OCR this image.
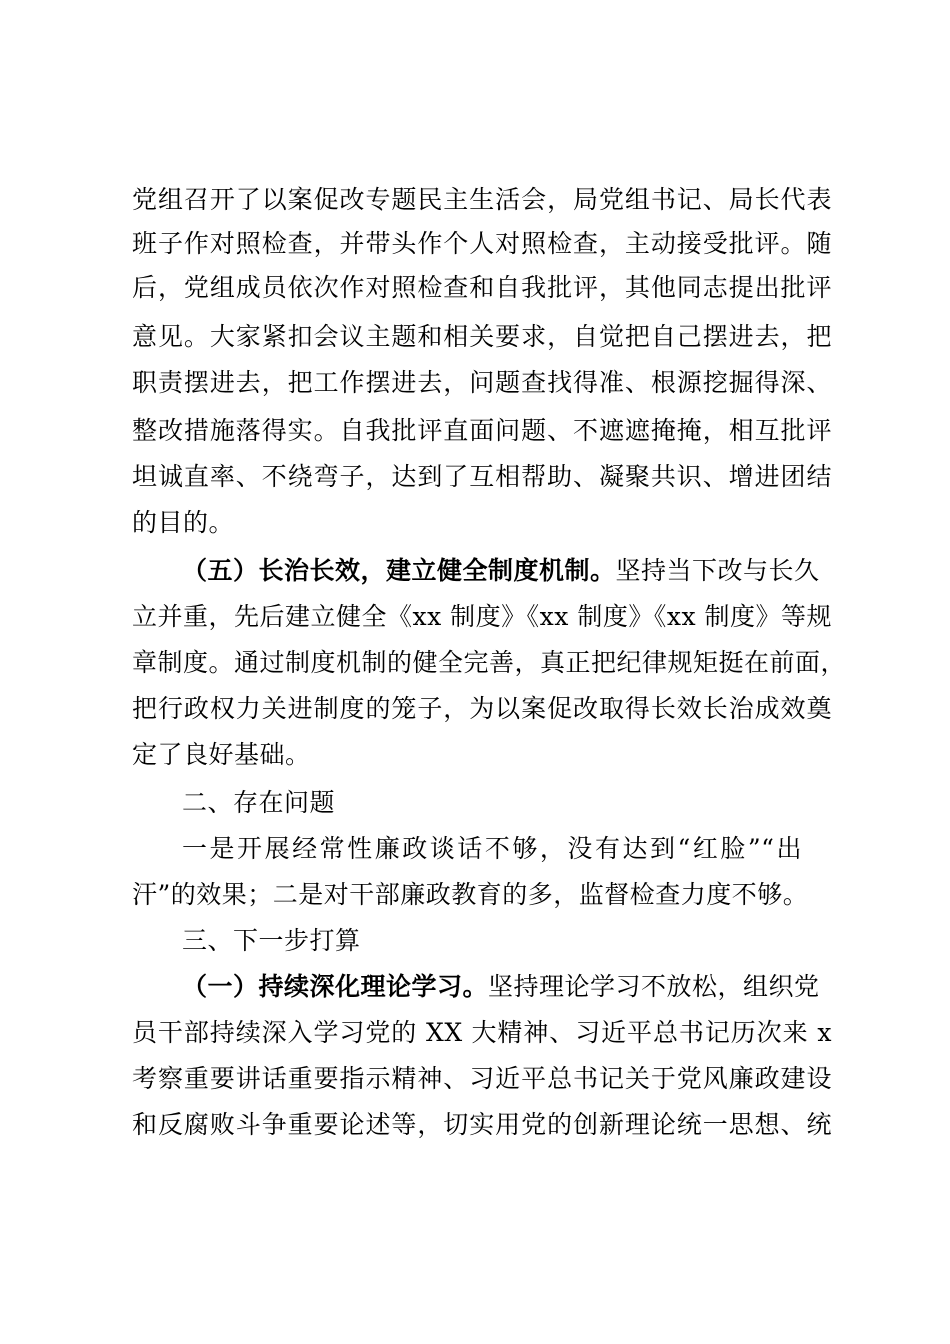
党组召开了以案促改专题民主生活会，局党组书记、局长代表
班子作对照检查，并带头作个人对照检查，主动接受批评。随
后，党组成员依次作对照检查和自我批评，其他同志提出批评
意见。大家紧扣会议主题和相关要求，自觉把自己摆进去，把
职责摆进去，把工作摆进去，问题查找得准、根源挖掘得深、
整改措施落得实。自我批评直面问题、不遮遮掩掩，相互批评
坦诚直率、不绕弯子，达到了互相帮助、凝聚共识、增进团结
的目的。
（五）长治长效，建立健全制度机制。坚持当下改与长久
立并重，先后建立健全《xx 制度》《xx 制度》《xx 制度》等规
章制度。通过制度机制的健全完善，真正把纪律规矩挺在前面，
把行政权力关进制度的笼子，为以案促改取得长效长治成效奠
定了良好基础。
二、存在问题
一是开展经常性廉政谈话不够，没有达到“红脸”“出
汗”的效果；二是对干部廉政教育的多，监督检查力度不够。
三、下一步打算
（一）持续深化理论学习。坚持理论学习不放松，组织党
员干部持续深入学习党的 XX 大精神、习近平总书记历次来 x
考察重要讲话重要指示精神、习近平总书记关于党风廉政建设
和反腐败斗争重要论述等，切实用党的创新理论统一思想、统
